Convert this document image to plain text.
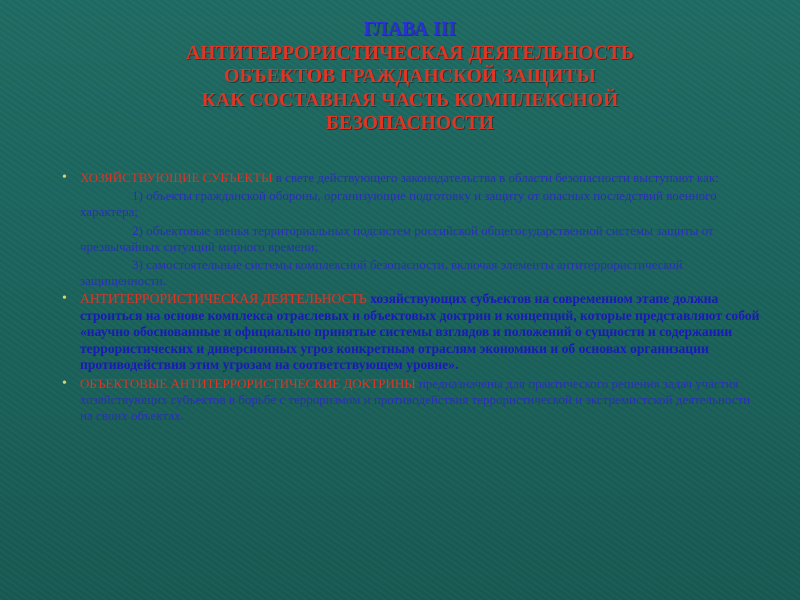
ГЛАВА III
АНТИТЕРРОРИСТИЧЕСКАЯ ДЕЯТЕЛЬНОСТЬ
ОБЪЕКТОВ ГРАЖДАНСКОЙ ЗАЩИТЫ
КАК СОСТАВНАЯ ЧАСТЬ КОМПЛЕКСНОЙ
БЕЗОПАСНОСТИ
• ХОЗЯЙСТВУЮЩИЕ СУБЪЕКТЫ в свете действующего законодательства в области безопасности выступают как:
1) объекты гражданской обороны, организующие подготовку и защиту от опасных последствий военного характера;
2) объектовые звенья территориальных подсистем российской общегосударственной системы защиты от чрезвычайных ситуаций мирного времени;
3) самостоятельные системы комплексной безопасности, включая элементы антитеррористической защищенности.
• АНТИТЕРРОРИСТИЧЕСКАЯ ДЕЯТЕЛЬНОСТЬ хозяйствующих субъектов на современном этапе должна строиться на основе комплекса отраслевых и объектовых доктрин и концепций, которые представляют собой «научно обоснованные и официально принятые системы взглядов и положений о сущности и содержании террористических и диверсионных угроз конкретным отраслям экономики и об основах организации противодействия этим угрозам на соответствующем уровне».
• ОБЪЕКТОВЫЕ АНТИТЕРРОРИСТИЧЕСКИЕ ДОКТРИНЫ предназначены для практического решения задач участия хозяйствующих субъектов в борьбе с терроризмом и противодействия террористической и экстремистской деятельности на своих объектах.
